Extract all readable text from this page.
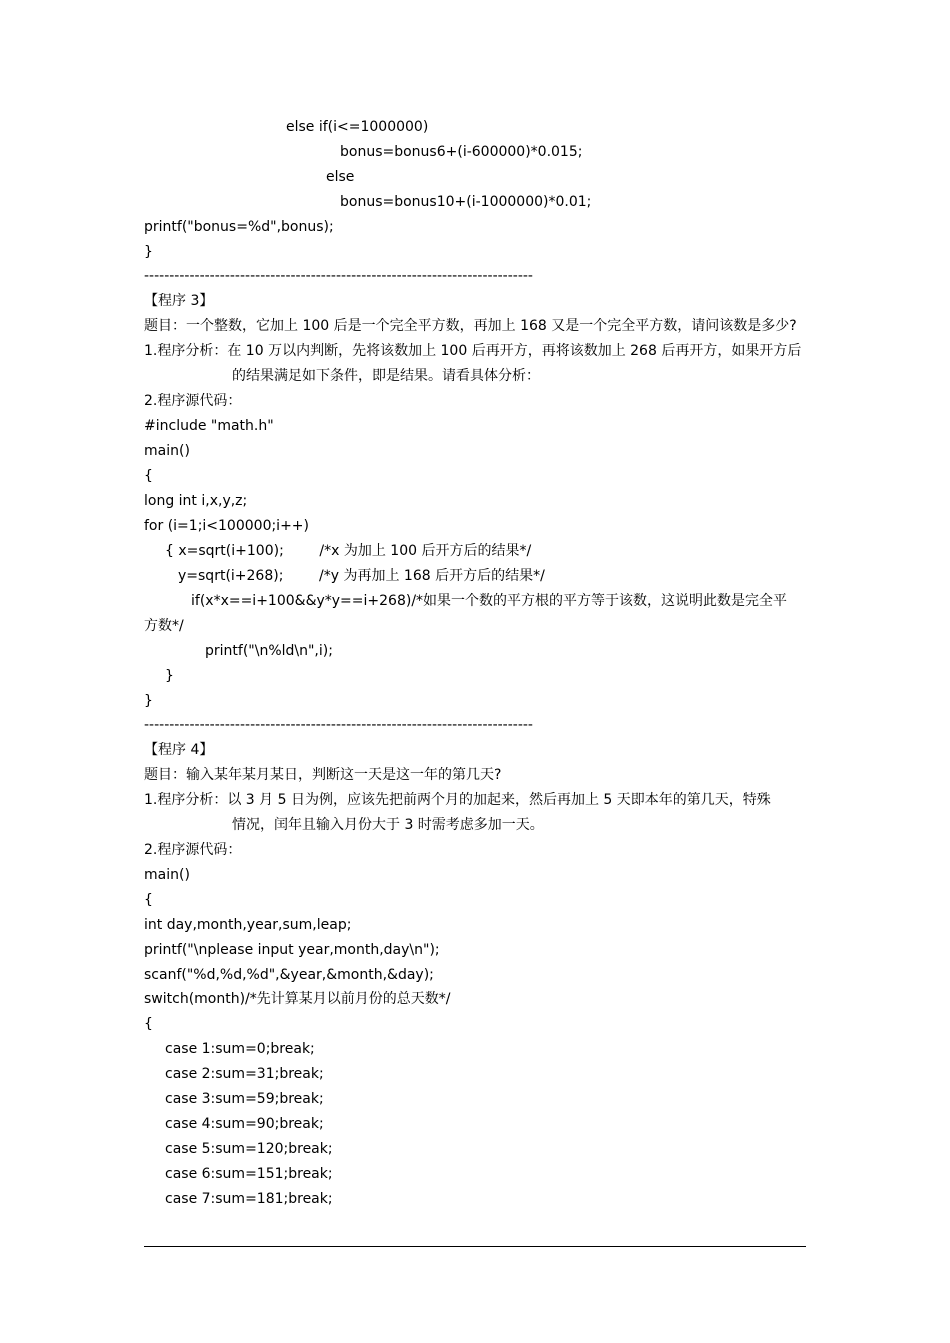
else if(i<=1000000)
bonus=bonus6+(i-600000)*0.015;
else
bonus=bonus10+(i-1000000)*0.01;
printf("bonus=%d",bonus);
}
-----------------------------------------------------------------------------
【程序 3】
题目：一个整数，它加上 100 后是一个完全平方数，再加上 168 又是一个完全平方数，请问该数是多少?
1.程序分析：在 10 万以内判断，先将该数加上 100 后再开方，再将该数加上 268 后再开方，如果开方后
的结果满足如下条件，即是结果。请看具体分析：
2.程序源代码：
#include "math.h"
main()
{
long int i,x,y,z;
for (i=1;i<100000;i++)
{ x=sqrt(i+100);        /*x 为加上 100 后开方后的结果*/
y=sqrt(i+268);        /*y 为再加上 168 后开方后的结果*/
if(x*x==i+100&&y*y==i+268)/*如果一个数的平方根的平方等于该数，这说明此数是完全平
方数*/
printf("\n%ld\n",i);
}
}
-----------------------------------------------------------------------------
【程序 4】
题目：输入某年某月某日，判断这一天是这一年的第几天?
1.程序分析：以 3 月 5 日为例，应该先把前两个月的加起来，然后再加上 5 天即本年的第几天，特殊
情况，闰年且输入月份大于 3 时需考虑多加一天。
2.程序源代码：
main()
{
int day,month,year,sum,leap;
printf("\nplease input year,month,day\n");
scanf("%d,%d,%d",&year,&month,&day);
switch(month)/*先计算某月以前月份的总天数*/
{
case 1:sum=0;break;
case 2:sum=31;break;
case 3:sum=59;break;
case 4:sum=90;break;
case 5:sum=120;break;
case 6:sum=151;break;
case 7:sum=181;break;
